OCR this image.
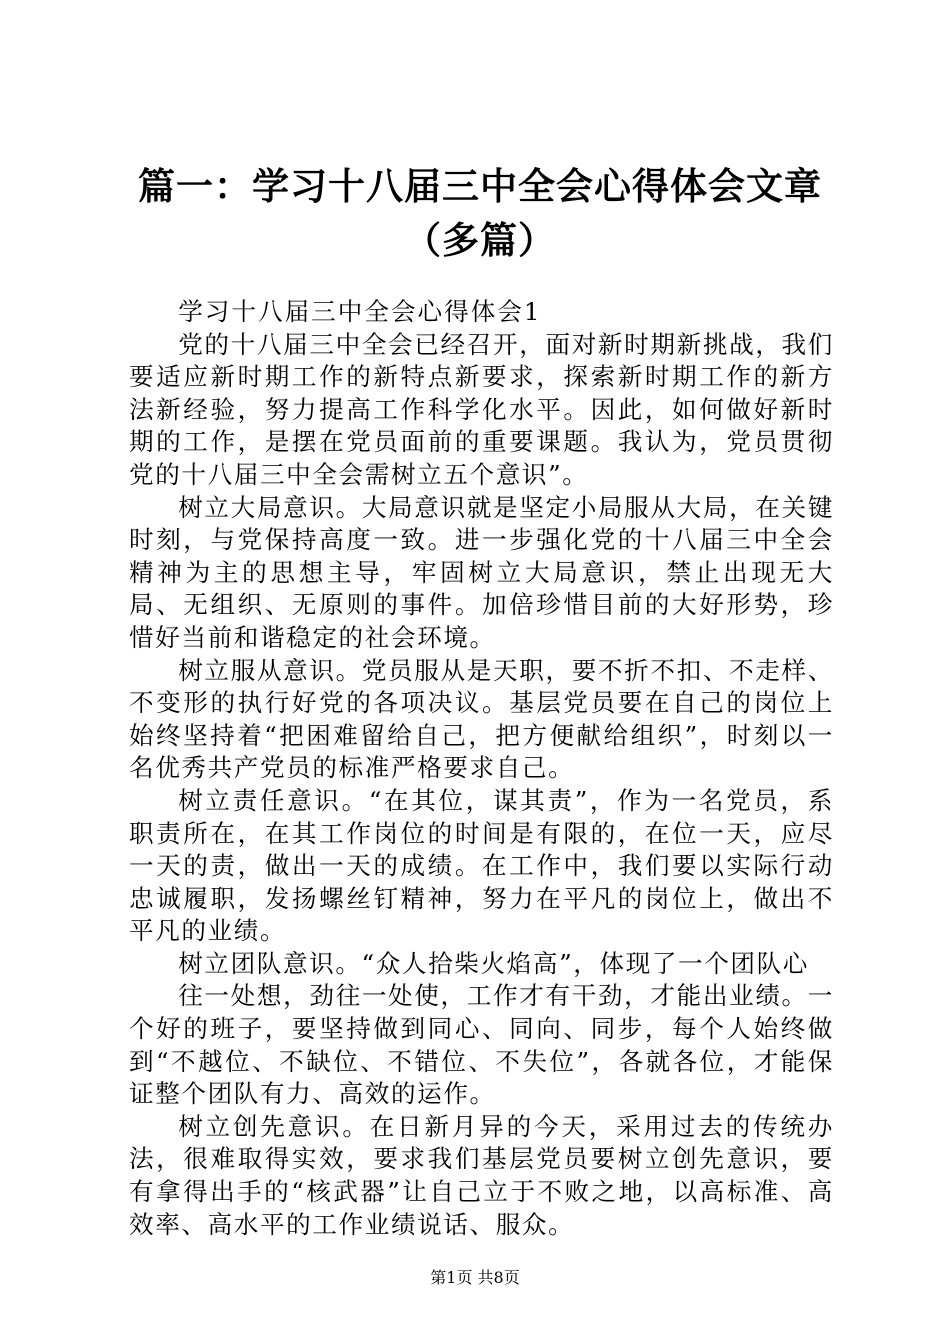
篇一：学习十八届三中全会心得体会文章（多篇）

学习十八届三中全会心得体会1

党的十八届三中全会已经召开，面对新时期新挑战，我们要适应新时期工作的新特点新要求，探索新时期工作的新方法新经验，努力提高工作科学化水平。因此，如何做好新时期的工作，是摆在党员面前的重要课题。我认为，党员贯彻党的十八届三中全会需树立五个意识”。

树立大局意识。大局意识就是坚定小局服从大局，在关键时刻，与党保持高度一致。进一步强化党的十八届三中全会精神为主的思想主导，牢固树立大局意识，禁止出现无大局、无组织、无原则的事件。加倍珍惜目前的大好形势，珍惜好当前和谐稳定的社会环境。

树立服从意识。党员服从是天职，要不折不扣、不走样、不变形的执行好党的各项决议。基层党员要在自己的岗位上始终坚持着“把困难留给自己，把方便献给组织”，时刻以一名优秀共产党员的标准严格要求自己。

树立责任意识。“在其位，谋其责”，作为一名党员，系职责所在，在其工作岗位的时间是有限的，在位一天，应尽一天的责，做出一天的成绩。在工作中，我们要以实际行动忠诚履职，发扬螺丝钉精神，努力在平凡的岗位上，做出不平凡的业绩。

树立团队意识。“众人拾柴火焰高”，体现了一个团队心

往一处想，劲往一处使，工作才有干劲，才能出业绩。一个好的班子，要坚持做到同心、同向、同步，每个人始终做到“不越位、不缺位、不错位、不失位”，各就各位，才能保证整个团队有力、高效的运作。

树立创先意识。在日新月异的今天，采用过去的传统办法，很难取得实效，要求我们基层党员要树立创先意识，要有拿得出手的“核武器”让自己立于不败之地，以高标准、高效率、高水平的工作业绩说话、服众。

第1页 共8页
